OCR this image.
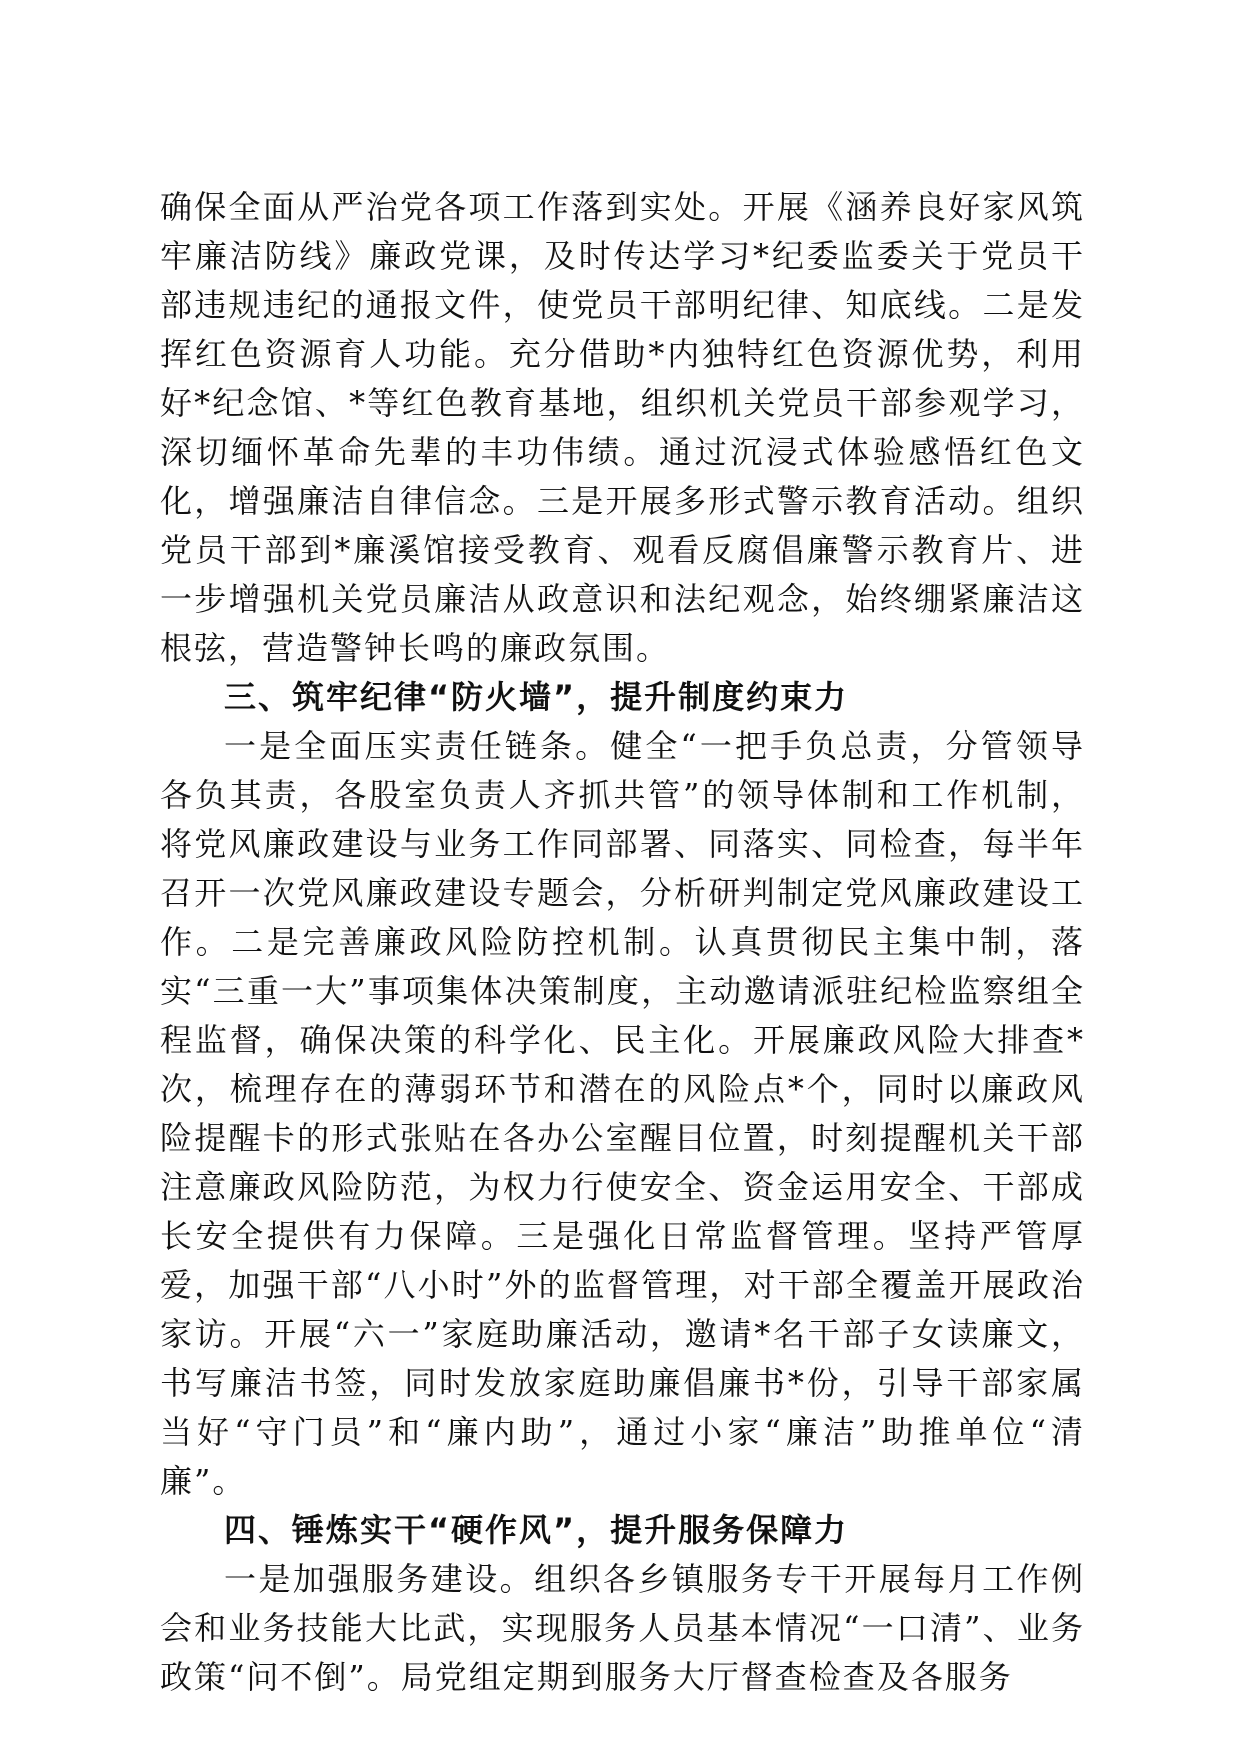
确保全面从严治党各项工作落到实处。开展《涵养良好家风筑牢廉洁防线》廉政党课，及时传达学习*纪委监委关于党员干部违规违纪的通报文件，使党员干部明纪律、知底线。二是发挥红色资源育人功能。充分借助*内独特红色资源优势，利用好*纪念馆、*等红色教育基地，组织机关党员干部参观学习，深切缅怀革命先辈的丰功伟绩。通过沉浸式体验感悟红色文化，增强廉洁自律信念。三是开展多形式警示教育活动。组织党员干部到*廉溪馆接受教育、观看反腐倡廉警示教育片、进一步增强机关党员廉洁从政意识和法纪观念，始终绷紧廉洁这根弦，营造警钟长鸣的廉政氛围。

三、筑牢纪律“防火墙”，提升制度约束力

一是全面压实责任链条。健全“一把手负总责，分管领导各负其责，各股室负责人齐抓共管”的领导体制和工作机制，将党风廉政建设与业务工作同部署、同落实、同检查，每半年召开一次党风廉政建设专题会，分析研判制定党风廉政建设工作。二是完善廉政风险防控机制。认真贯彻民主集中制，落实“三重一大”事项集体决策制度，主动邀请派驻纪检监察组全程监督，确保决策的科学化、民主化。开展廉政风险大排查*次，梳理存在的薄弱环节和潜在的风险点*个，同时以廉政风险提醒卡的形式张贴在各办公室醒目位置，时刻提醒机关干部注意廉政风险防范，为权力行使安全、资金运用安全、干部成长安全提供有力保障。三是强化日常监督管理。坚持严管厚爱，加强干部“八小时”外的监督管理，对干部全覆盖开展政治家访。开展“六一”家庭助廉活动，邀请*名干部子女读廉文，书写廉洁书签，同时发放家庭助廉倡廉书*份，引导干部家属当好“守门员”和“廉内助”，通过小家“廉洁”助推单位“清廉”。

四、锤炼实干“硬作风”，提升服务保障力

一是加强服务建设。组织各乡镇服务专干开展每月工作例会和业务技能大比武，实现服务人员基本情况“一口清”、业务政策“问不倒”。局党组定期到服务大厅督查检查及各服务
